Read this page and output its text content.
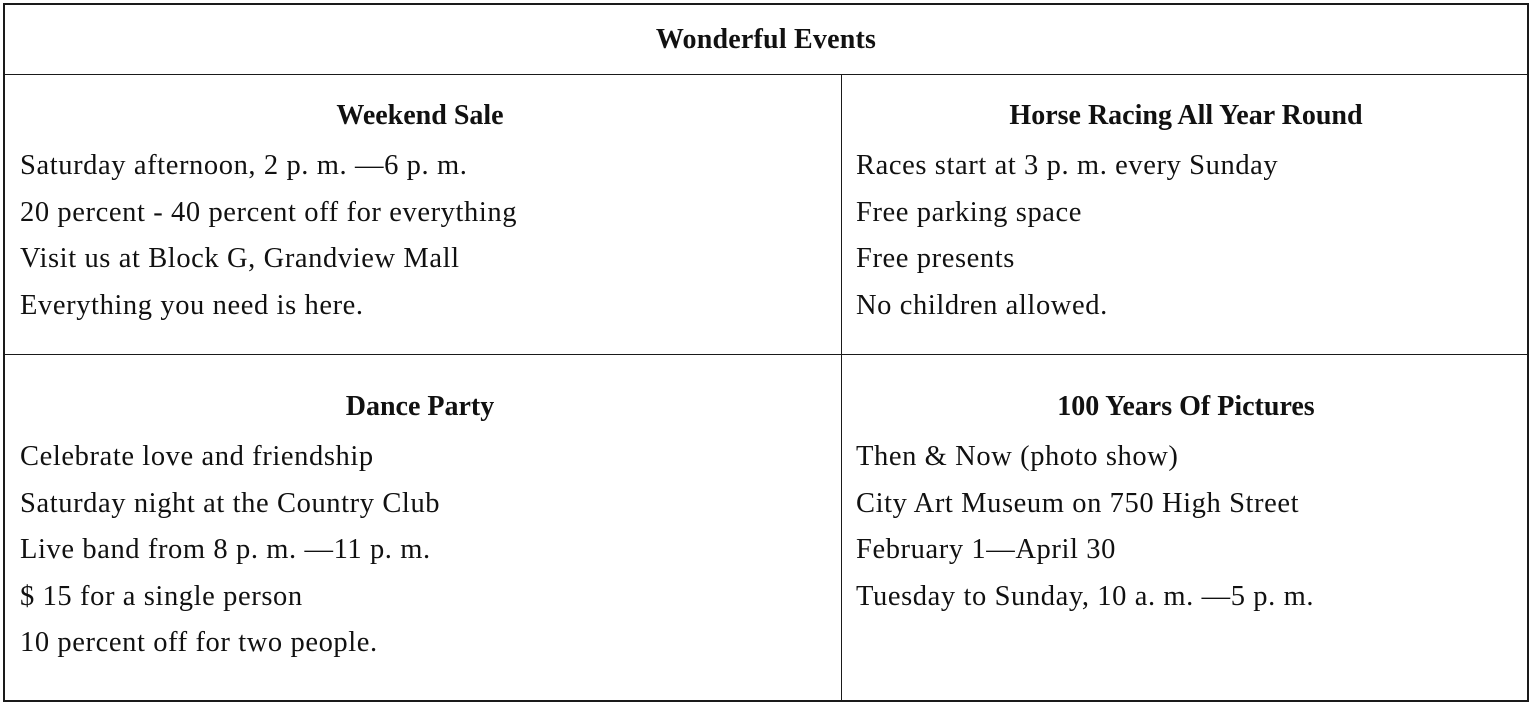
Wonderful Events
Weekend Sale
Saturday afternoon, 2 p. m. —6 p. m.
20 percent - 40 percent off for everything
Visit us at Block G, Grandview Mall
Everything you need is here.
Horse Racing All Year Round
Races start at 3 p. m. every Sunday
Free parking space
Free presents
No children allowed.
Dance Party
Celebrate love and friendship
Saturday night at the Country Club
Live band from 8 p. m. —11 p. m.
$ 15 for a single person
10 percent off for two people.
100 Years Of Pictures
Then & Now (photo show)
City Art Museum on 750 High Street
February 1—April 30
Tuesday to Sunday, 10 a. m. —5 p. m.
